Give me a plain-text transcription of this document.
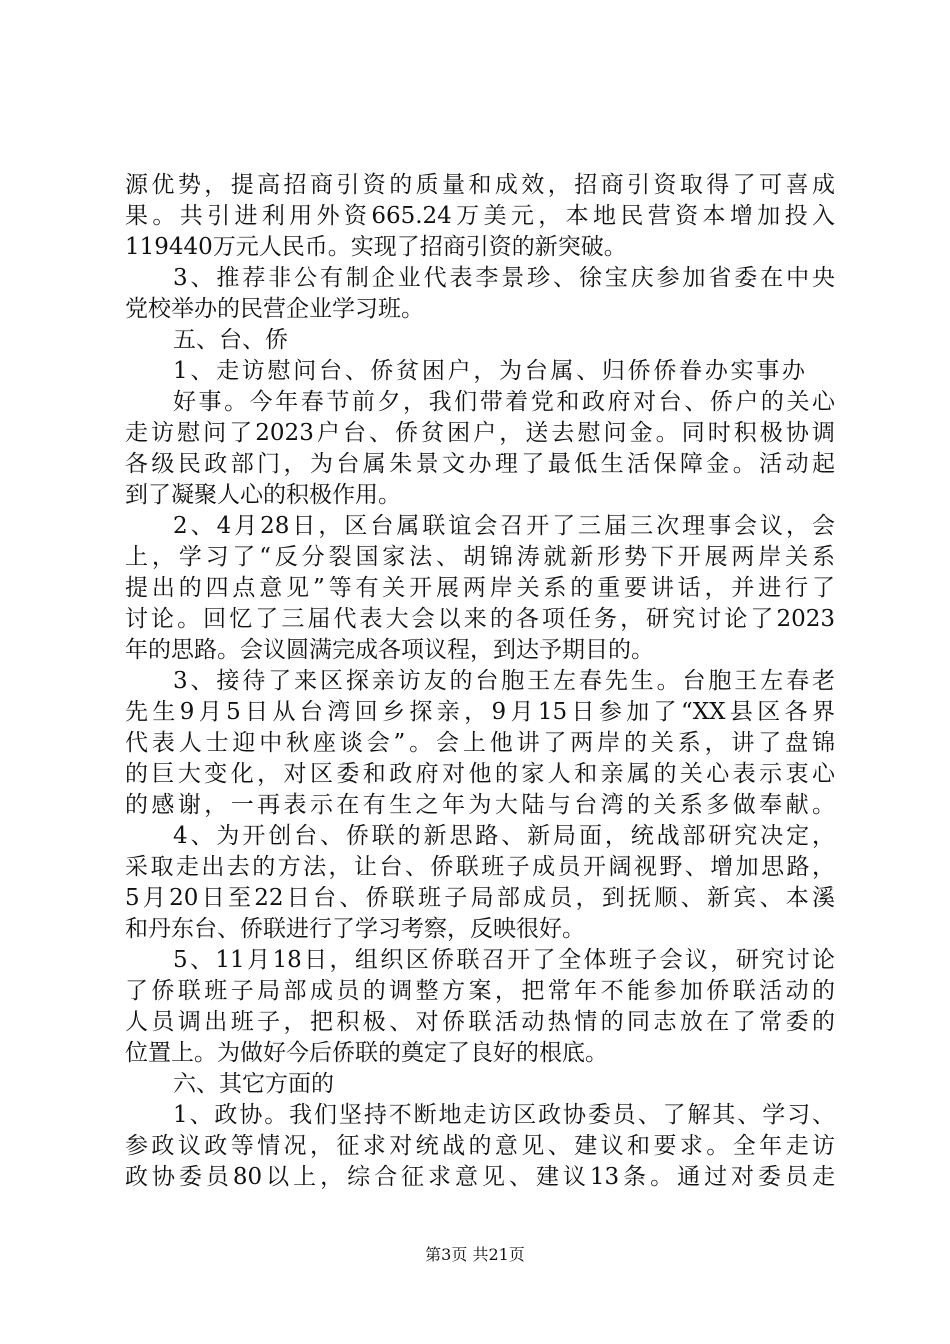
源优势，提高招商引资的质量和成效，招商引资取得了可喜成
果。共引进利用外资665.24万美元，本地民营资本增加投入
119440万元人民币。实现了招商引资的新突破。
3、推荐非公有制企业代表李景珍、徐宝庆参加省委在中央
党校举办的民营企业学习班。
五、台、侨
1、走访慰问台、侨贫困户，为台属、归侨侨眷办实事办
好事。今年春节前夕，我们带着党和政府对台、侨户的关心
走访慰问了2023户台、侨贫困户，送去慰问金。同时积极协调
各级民政部门，为台属朱景文办理了最低生活保障金。活动起
到了凝聚人心的积极作用。
2、4月28日，区台属联谊会召开了三届三次理事会议，会
上，学习了“反分裂国家法、胡锦涛就新形势下开展两岸关系
提出的四点意见”等有关开展两岸关系的重要讲话，并进行了
讨论。回忆了三届代表大会以来的各项任务，研究讨论了2023
年的思路。会议圆满完成各项议程，到达予期目的。
3、接待了来区探亲访友的台胞王左春先生。台胞王左春老
先生9月5日从台湾回乡探亲，9月15日参加了“XX县区各界
代表人士迎中秋座谈会”。会上他讲了两岸的关系，讲了盘锦
的巨大变化，对区委和政府对他的家人和亲属的关心表示衷心
的感谢，一再表示在有生之年为大陆与台湾的关系多做奉献。
4、为开创台、侨联的新思路、新局面，统战部研究决定，
采取走出去的方法，让台、侨联班子成员开阔视野、增加思路，
5月20日至22日台、侨联班子局部成员，到抚顺、新宾、本溪
和丹东台、侨联进行了学习考察，反映很好。
5、11月18日，组织区侨联召开了全体班子会议，研究讨论
了侨联班子局部成员的调整方案，把常年不能参加侨联活动的
人员调出班子，把积极、对侨联活动热情的同志放在了常委的
位置上。为做好今后侨联的奠定了良好的根底。
六、其它方面的
1、政协。我们坚持不断地走访区政协委员、了解其、学习、
参政议政等情况，征求对统战的意见、建议和要求。全年走访
政协委员80以上，综合征求意见、建议13条。通过对委员走
第3页 共21页
